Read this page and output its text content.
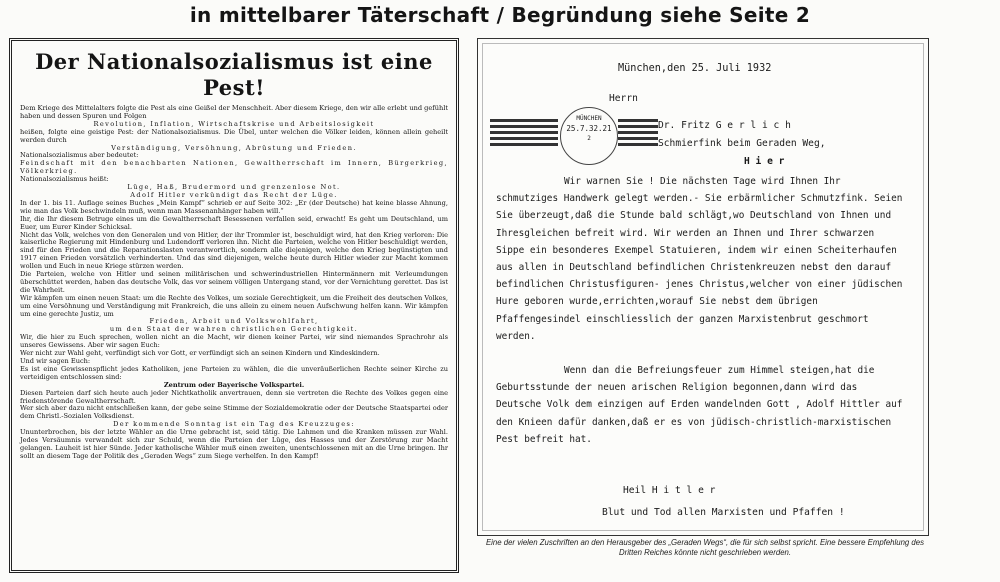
in mittelbarer Täterschaft / Begründung siehe Seite 2
Der Nationalsozialismus ist eine Pest!

Dem Kriege des Mittelalters folgte die Pest als eine Geißel der Menschheit. Aber diesem Kriege, den wir alle erlebt und gefühlt haben und dessen Spuren und Folgen

Revolution, Inflation, Wirtschaftskrise und Arbeitslosigkeit

heißen, folgte eine geistige Pest: der Nationalsozialismus. Die Übel, unter welchen die Völker leiden, können allein geheilt werden durch

Verständigung, Versöhnung, Abrüstung und Frieden.

Nationalsozialismus aber bedeutet:

Feindschaft mit den benachbarten Nationen, Gewaltherrschaft im Innern, Bürgerkrieg, Völkerkrieg.

Nationalsozialismus heißt:

Lüge, Haß, Brudermord und grenzenlose Not.

Adolf Hitler verkündigt das Recht der Lüge.

In der 1. bis 11. Auflage seines Buches „Mein Kampf“ schrieb er auf Seite 302: „Er (der Deutsche) hat keine blasse Ahnung, wie man das Volk beschwindeln muß, wenn man Massenanhänger haben will.“

Ihr, die Ihr diesem Betruge eines um die Gewaltherrschaft Besessenen verfallen seid, erwacht! Es geht um Deutschland, um Euer, um Eurer Kinder Schicksal.

Nicht das Volk, welches von den Generalen und von Hitler, der ihr Trommler ist, beschuldigt wird, hat den Krieg verloren: Die kaiserliche Regierung mit Hindenburg und Ludendorff verloren ihn. Nicht die Parteien, welche von Hitler beschuldigt werden, sind für den Frieden und die Reparationslasten verantwortlich, sondern alle diejenigen, welche den Krieg begünstigten und 1917 einen Frieden vorsätzlich verhinderten. Und das sind diejenigen, welche heute durch Hitler wieder zur Macht kommen wollen und Euch in neue Kriege stürzen werden.

Die Parteien, welche von Hitler und seinen militärischen und schwerindustriellen Hintermännern mit Verleumdungen überschüttet werden, haben das deutsche Volk, das vor seinem völligen Untergang stand, vor der Vernichtung gerettet. Das ist die Wahrheit.

Wir kämpfen um einen neuen Staat: um die Rechte des Volkes, um soziale Gerechtigkeit, um die Freiheit des deutschen Volkes, um eine Versöhnung und Verständigung mit Frankreich, die uns allein zu einem neuen Aufschwung helfen kann. Wir kämpfen um eine gerechte Justiz, um

Frieden, Arbeit und Volkswohlfahrt,

um den Staat der wahren christlichen Gerechtigkeit.

Wir, die hier zu Euch sprechen, wollen nicht an die Macht, wir dienen keiner Partei, wir sind niemandes Sprachrohr als unseres Gewissens. Aber wir sagen Euch:

Wer nicht zur Wahl geht, verfündigt sich vor Gott, er verfündigt sich an seinen Kindern und Kindeskindern.

Und wir sagen Euch:

Es ist eine Gewissenspflicht jedes Katholiken, jene Parteien zu wählen, die die unveräußerlichen Rechte seiner Kirche zu verteidigen entschlossen sind:

Zentrum oder Bayerische Volkspartei.

Diesen Parteien darf sich heute auch jeder Nichtkatholik anvertrauen, denn sie vertreten die Rechte des Volkes gegen eine friedenstörende Gewaltherrschaft.

Wer sich aber dazu nicht entschließen kann, der gebe seine Stimme der Sozialdemokratie oder der Deutsche Staatspartei oder dem Christl.-Sozialen Volksdienst.

Der kommende Sonntag ist ein Tag des Kreuzzuges:

Ununterbrochen, bis der letzte Wähler an die Urne gebracht ist, seid tätig. Die Lahmen und die Kranken müssen zur Wahl. Jedes Versäumnis verwandelt sich zur Schuld, wenn die Parteien der Lüge, des Hasses und der Zerstörung zur Macht gelangen. Lauheit ist hier Sünde. Jeder katholische Wähler muß einen zweiten, unentschlossenen mit an die Urne bringen. Ihr sollt an diesem Tage der Politik des „Geraden Wegs“ zum Siege verhelfen. In den Kampf!

München,den 25. Juli 1932
Herrn
MÜNCHEN
25.7.32.21
2
Dr. Fritz G e r l i c h
Schmierfink beim Geraden Weg,
H i e r

Wir warnen Sie ! Die nächsten Tage wird Ihnen Ihr schmutziges Handwerk gelegt werden.- Sie erbärmlicher Schmutzfink. Seien Sie überzeugt,daß die Stunde bald schlägt,wo Deutschland von Ihnen und Ihresgleichen befreit wird. Wir werden an Ihnen und Ihrer schwarzen Sippe ein besonderes Exempel Statuieren, indem wir einen Scheiterhaufen aus allen in Deutschland befindlichen Christenkreuzen nebst den darauf befindlichen Christusfiguren- jenes Christus,welcher von einer jüdischen Hure geboren wurde,errichten,worauf Sie nebst dem übrigen Pfaffengesindel einschliesslich der ganzen Marxistenbrut geschmort werden.

Wenn dan die Befreiungsfeuer zum Himmel steigen,hat die Geburtsstunde der neuen arischen Religion begonnen,dann wird das Deutsche Volk dem einzigen auf Erden wandelnden Gott , Adolf Hittler auf den Knieen dafür danken,daß er es von jüdisch-christlich-marxistischen Pest befreit hat.

Heil H i t l e r
Blut und Tod allen Marxisten und Pfaffen !
Eine der vielen Zuschriften an den Herausgeber des „Geraden Wegs“, die für sich selbst spricht. Eine bessere Empfehlung des Dritten Reiches könnte nicht geschrieben werden.
